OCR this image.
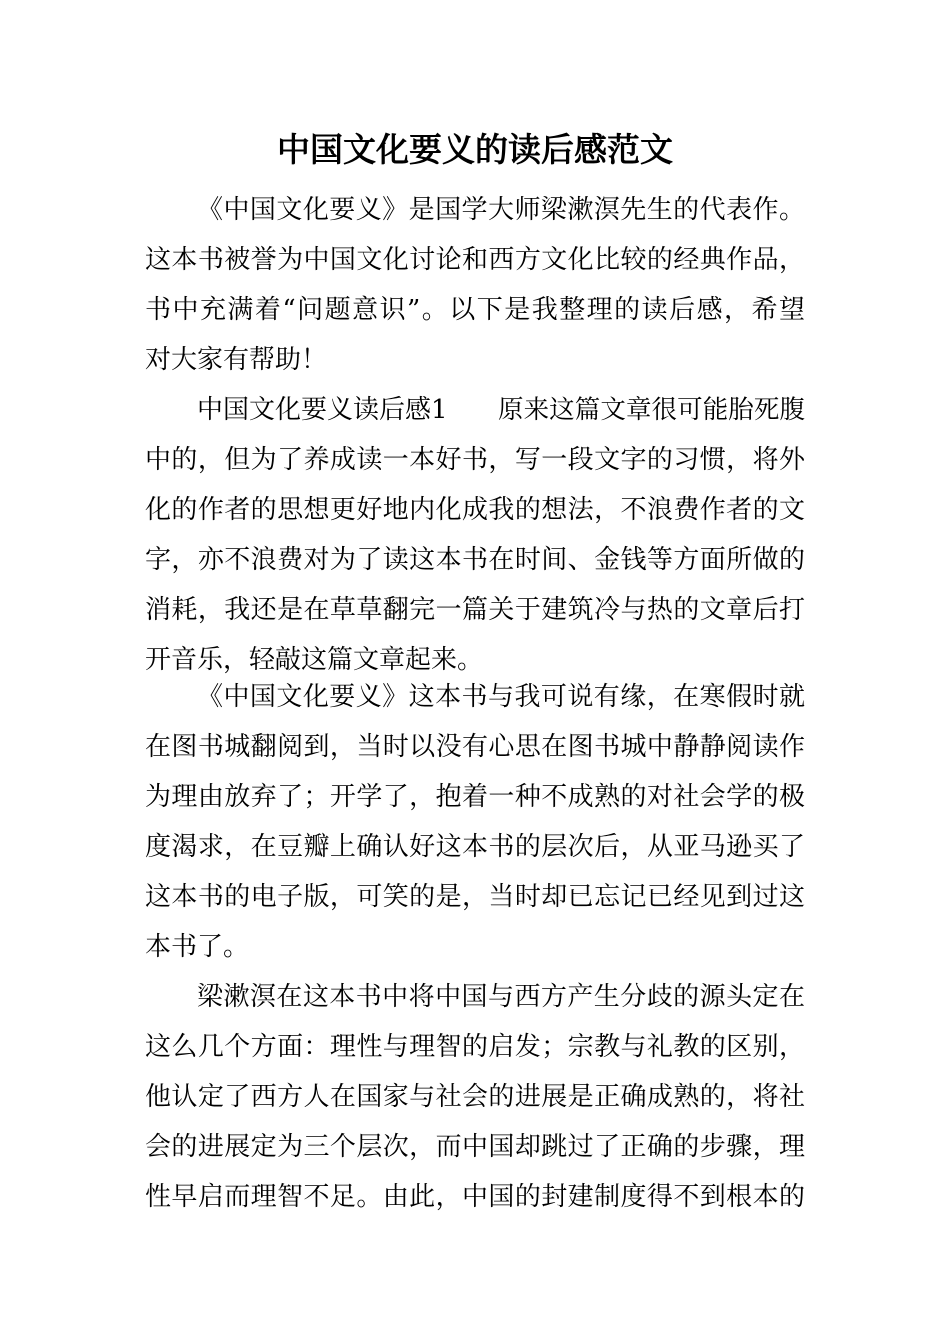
中国文化要义的读后感范文
《中国文化要义》是国学大师梁漱溟先生的代表作。
这本书被誉为中国文化讨论和西方文化比较的经典作品，
书中充满着“问题意识”。以下是我整理的读后感，希望
对大家有帮助！
中国文化要义读后感1	原来这篇文章很可能胎死腹
中的，但为了养成读一本好书，写一段文字的习惯，将外
化的作者的思想更好地内化成我的想法，不浪费作者的文
字，亦不浪费对为了读这本书在时间、金钱等方面所做的
消耗，我还是在草草翻完一篇关于建筑冷与热的文章后打
开音乐，轻敲这篇文章起来。
《中国文化要义》这本书与我可说有缘，在寒假时就
在图书城翻阅到，当时以没有心思在图书城中静静阅读作
为理由放弃了；开学了，抱着一种不成熟的对社会学的极
度渴求，在豆瓣上确认好这本书的层次后，从亚马逊买了
这本书的电子版，可笑的是，当时却已忘记已经见到过这
本书了。
梁漱溟在这本书中将中国与西方产生分歧的源头定在
这么几个方面：理性与理智的启发；宗教与礼教的区别，
他认定了西方人在国家与社会的进展是正确成熟的，将社
会的进展定为三个层次，而中国却跳过了正确的步骤，理
性早启而理智不足。由此，中国的封建制度得不到根本的
